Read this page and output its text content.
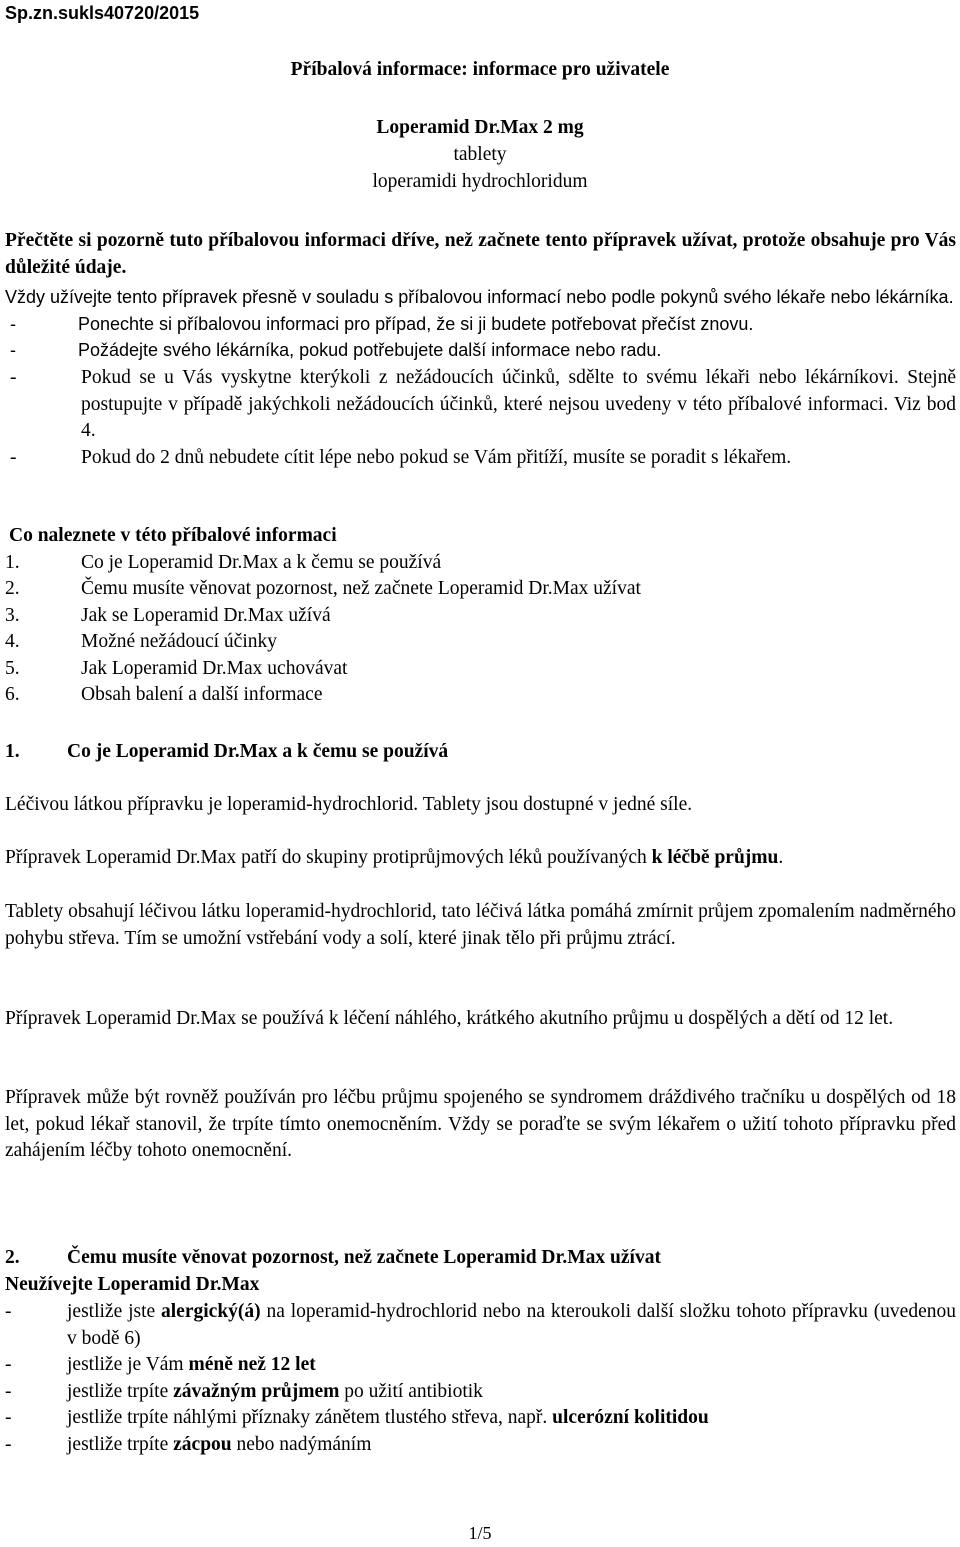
Sp.zn.sukls40720/2015
Příbalová informace: informace pro uživatele
Loperamid Dr.Max 2 mg
tablety
loperamidi hydrochloridum

Přečtěte si pozorně tuto příbalovou informaci dříve, než začnete tento přípravek užívat, protože obsahuje pro Vás důležité údaje.

Vždy užívejte tento přípravek přesně v souladu s příbalovou informací nebo podle pokynů svého lékaře nebo lékárníka.

-	Ponechte si příbalovou informaci pro případ, že si ji budete potřebovat přečíst znovu.
-	Požádejte svého lékárníka, pokud potřebujete další informace nebo radu.
-	Pokud se u Vás vyskytne kterýkoli z nežádoucích účinků, sdělte to svému lékaři nebo lékárníkovi. Stejně postupujte v případě jakýchkoli nežádoucích účinků, které nejsou uvedeny v této příbalové informaci. Viz bod 4.
-	Pokud do 2 dnů nebudete cítit lépe nebo pokud se Vám přitíží, musíte se poradit s lékařem.

Co naleznete v této příbalové informaci

1.	Co je Loperamid Dr.Max a k čemu se používá
2.	Čemu musíte věnovat pozornost, než začnete Loperamid Dr.Max užívat
3.	Jak se Loperamid Dr.Max užívá
4.	Možné nežádoucí účinky
5.	Jak Loperamid Dr.Max uchovávat
6.	Obsah balení a další informace
1. Co je Loperamid Dr.Max a k čemu se používá

Léčivou látkou přípravku je loperamid-hydrochlorid. Tablety jsou dostupné v jedné síle.

Přípravek Loperamid Dr.Max patří do skupiny protiprůjmových léků používaných k léčbě průjmu.

Tablety obsahují léčivou látku loperamid-hydrochlorid, tato léčivá látka pomáhá zmírnit průjem zpomalením nadměrného pohybu střeva. Tím se umožní vstřebání vody a solí, které jinak tělo při průjmu ztrácí.

Přípravek Loperamid Dr.Max se používá k léčení náhlého, krátkého akutního průjmu u dospělých a dětí od 12 let.

Přípravek může být rovněž používán pro léčbu průjmu spojeného se syndromem dráždivého tračníku u dospělých od 18 let, pokud lékař stanovil, že trpíte tímto onemocněním. Vždy se poraďte se svým lékařem o užití tohoto přípravku před zahájením léčby tohoto onemocnění.

2. Čemu musíte věnovat pozornost, než začnete Loperamid Dr.Max užívat

Neužívejte Loperamid Dr.Max

-	jestliže jste alergický(á) na loperamid-hydrochlorid nebo na kteroukoli další složku tohoto přípravku (uvedenou v bodě 6)
-	jestliže je Vám méně než 12 let
-	jestliže trpíte závažným průjmem po užití antibiotik
-	jestliže trpíte náhlými příznaky zánětem tlustého střeva, např. ulcerózní kolitidou
-	jestliže trpíte zácpou nebo nadýmáním
1/5
